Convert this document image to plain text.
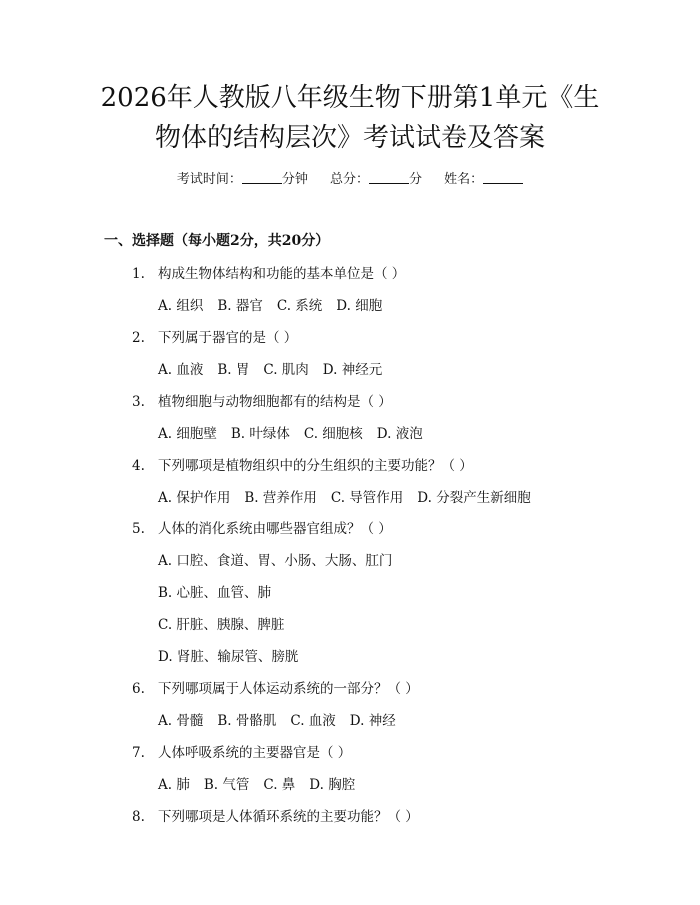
2026年人教版八年级生物下册第1单元《生
物体的结构层次》考试试卷及答案
考试时间：	分钟 总分：	分 姓名：
一、选择题（每小题2分，共20分）
1. 构成生物体结构和功能的基本单位是（ ）
A. 组织 B. 器官 C. 系统 D. 细胞
2. 下列属于器官的是（ ）
A. 血液 B. 胃 C. 肌肉 D. 神经元
3. 植物细胞与动物细胞都有的结构是（ ）
A. 细胞壁 B. 叶绿体 C. 细胞核 D. 液泡
4. 下列哪项是植物组织中的分生组织的主要功能？（ ）
A. 保护作用 B. 营养作用 C. 导管作用 D. 分裂产生新细胞
5. 人体的消化系统由哪些器官组成？（ ）
A. 口腔、食道、胃、小肠、大肠、肛门
B. 心脏、血管、肺
C. 肝脏、胰腺、脾脏
D. 肾脏、输尿管、膀胱
6. 下列哪项属于人体运动系统的一部分？（ ）
A. 骨髓 B. 骨骼肌 C. 血液 D. 神经
7. 人体呼吸系统的主要器官是（ ）
A. 肺 B. 气管 C. 鼻 D. 胸腔
8. 下列哪项是人体循环系统的主要功能？（ ）
